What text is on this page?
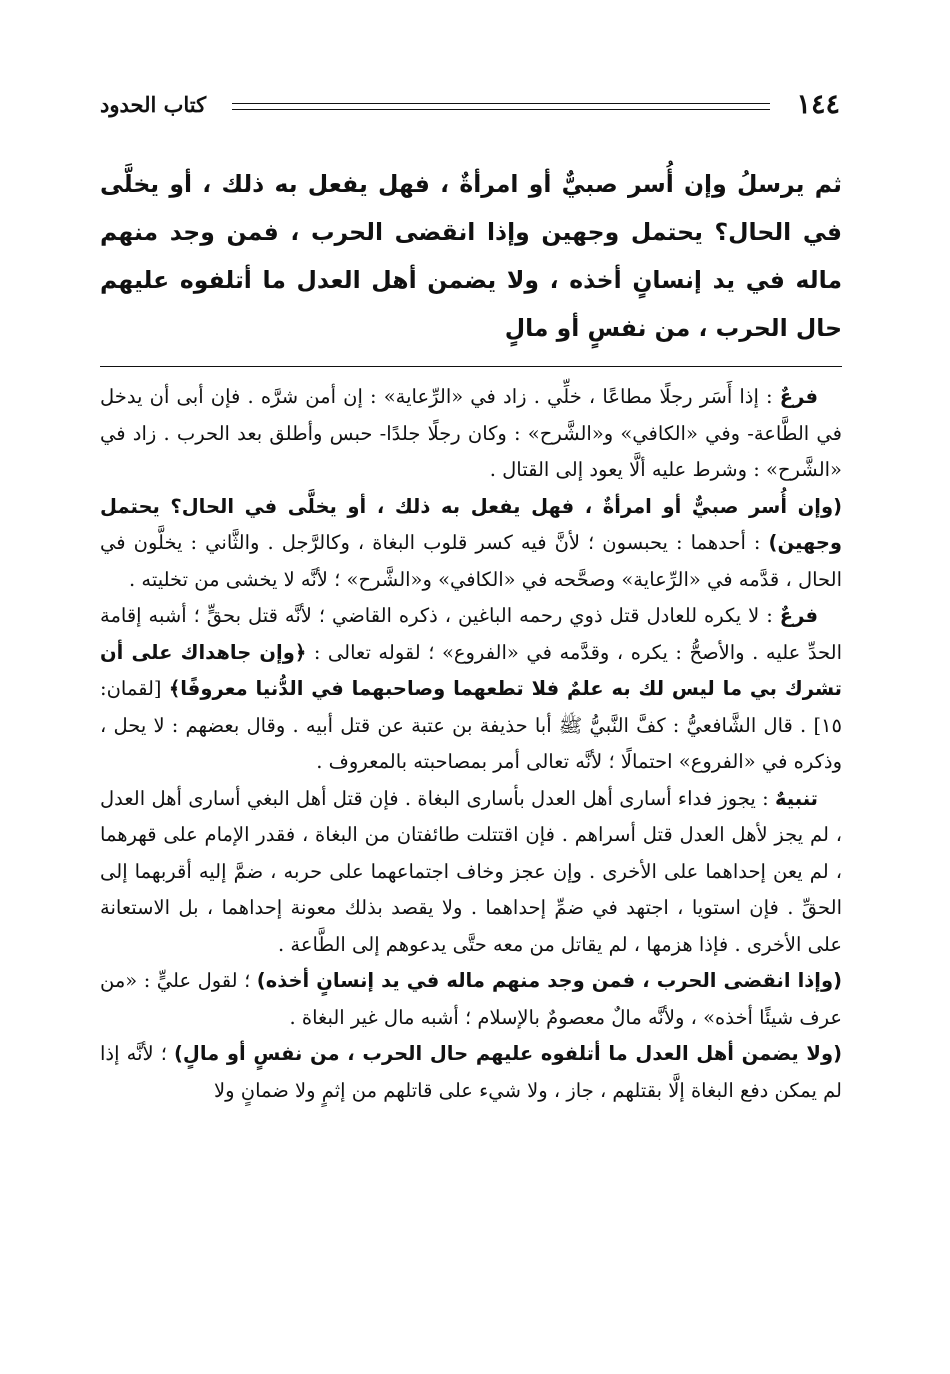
١٤٤
كتاب الحدود

ثم يرسلُ وإن أُسر صبيٌّ أو امرأةٌ ، فهل يفعل به ذلك ، أو يخلَّى في الحال؟ يحتمل وجهين وإذا انقضى الحرب ، فمن وجد منهم ماله في يد إنسانٍ أخذه ، ولا يضمن أهل العدل ما أتلفوه عليهم حال الحرب ، من نفسٍ أو مالٍ

فرعٌ : إذا أَسَر رجلًا مطاعًا ، خلِّي . زاد في «الرِّعاية» : إن أمن شرَّه . فإن أبى أن يدخل في الطَّاعة- وفي «الكافي» و«الشَّرح» : وكان رجلًا جلدًا- حبس وأطلق بعد الحرب . زاد في «الشَّرح» : وشرط عليه ألَّا يعود إلى القتال .

(وإن أُسر صبيٌّ أو امرأةٌ ، فهل يفعل به ذلك ، أو يخلَّى في الحال؟ يحتمل وجهين) : أحدهما : يحبسون ؛ لأنَّ فيه كسر قلوب البغاة ، وكالرَّجل . والثَّاني : يخلَّون في الحال ، قدَّمه في «الرِّعاية» وصحَّحه في «الكافي» و«الشَّرح» ؛ لأنَّه لا يخشى من تخليته .

فرعٌ : لا يكره للعادل قتل ذوي رحمه الباغين ، ذكره القاضي ؛ لأنَّه قتل بحقٍّ ؛ أشبه إقامة الحدِّ عليه . والأصحُّ : يكره ، وقدَّمه في «الفروع» ؛ لقوله تعالى : ﴿وإن جاهداك على أن تشرك بي ما ليس لك به علمٌ فلا تطعهما وصاحبهما في الدُّنيا معروفًا﴾ [لقمان: ١٥] . قال الشَّافعيُّ : كفَّ النَّبيُّ ﷺ أبا حذيفة بن عتبة عن قتل أبيه . وقال بعضهم : لا يحل ، وذكره في «الفروع» احتمالًا ؛ لأنَّه تعالى أمر بمصاحبته بالمعروف .

تنبيهٌ : يجوز فداء أسارى أهل العدل بأسارى البغاة . فإن قتل أهل البغي أسارى أهل العدل ، لم يجز لأهل العدل قتل أسراهم . فإن اقتتلت طائفتان من البغاة ، فقدر الإمام على قهرهما ، لم يعن إحداهما على الأخرى . وإن عجز وخاف اجتماعهما على حربه ، ضمَّ إليه أقربهما إلى الحقِّ . فإن استويا ، اجتهد في ضمِّ إحداهما . ولا يقصد بذلك معونة إحداهما ، بل الاستعانة على الأخرى . فإذا هزمها ، لم يقاتل من معه حتَّى يدعوهم إلى الطَّاعة .

(وإذا انقضى الحرب ، فمن وجد منهم ماله في يد إنسانٍ أخذه) ؛ لقول عليٍّ : «من عرف شيئًا أخذه» ، ولأنَّه مالٌ معصومٌ بالإسلام ؛ أشبه مال غير البغاة .

(ولا يضمن أهل العدل ما أتلفوه عليهم حال الحرب ، من نفسٍ أو مالٍ) ؛ لأنَّه إذا لم يمكن دفع البغاة إلَّا بقتلهم ، جاز ، ولا شيء على قاتلهم من إثمٍ ولا ضمانٍ ولا
